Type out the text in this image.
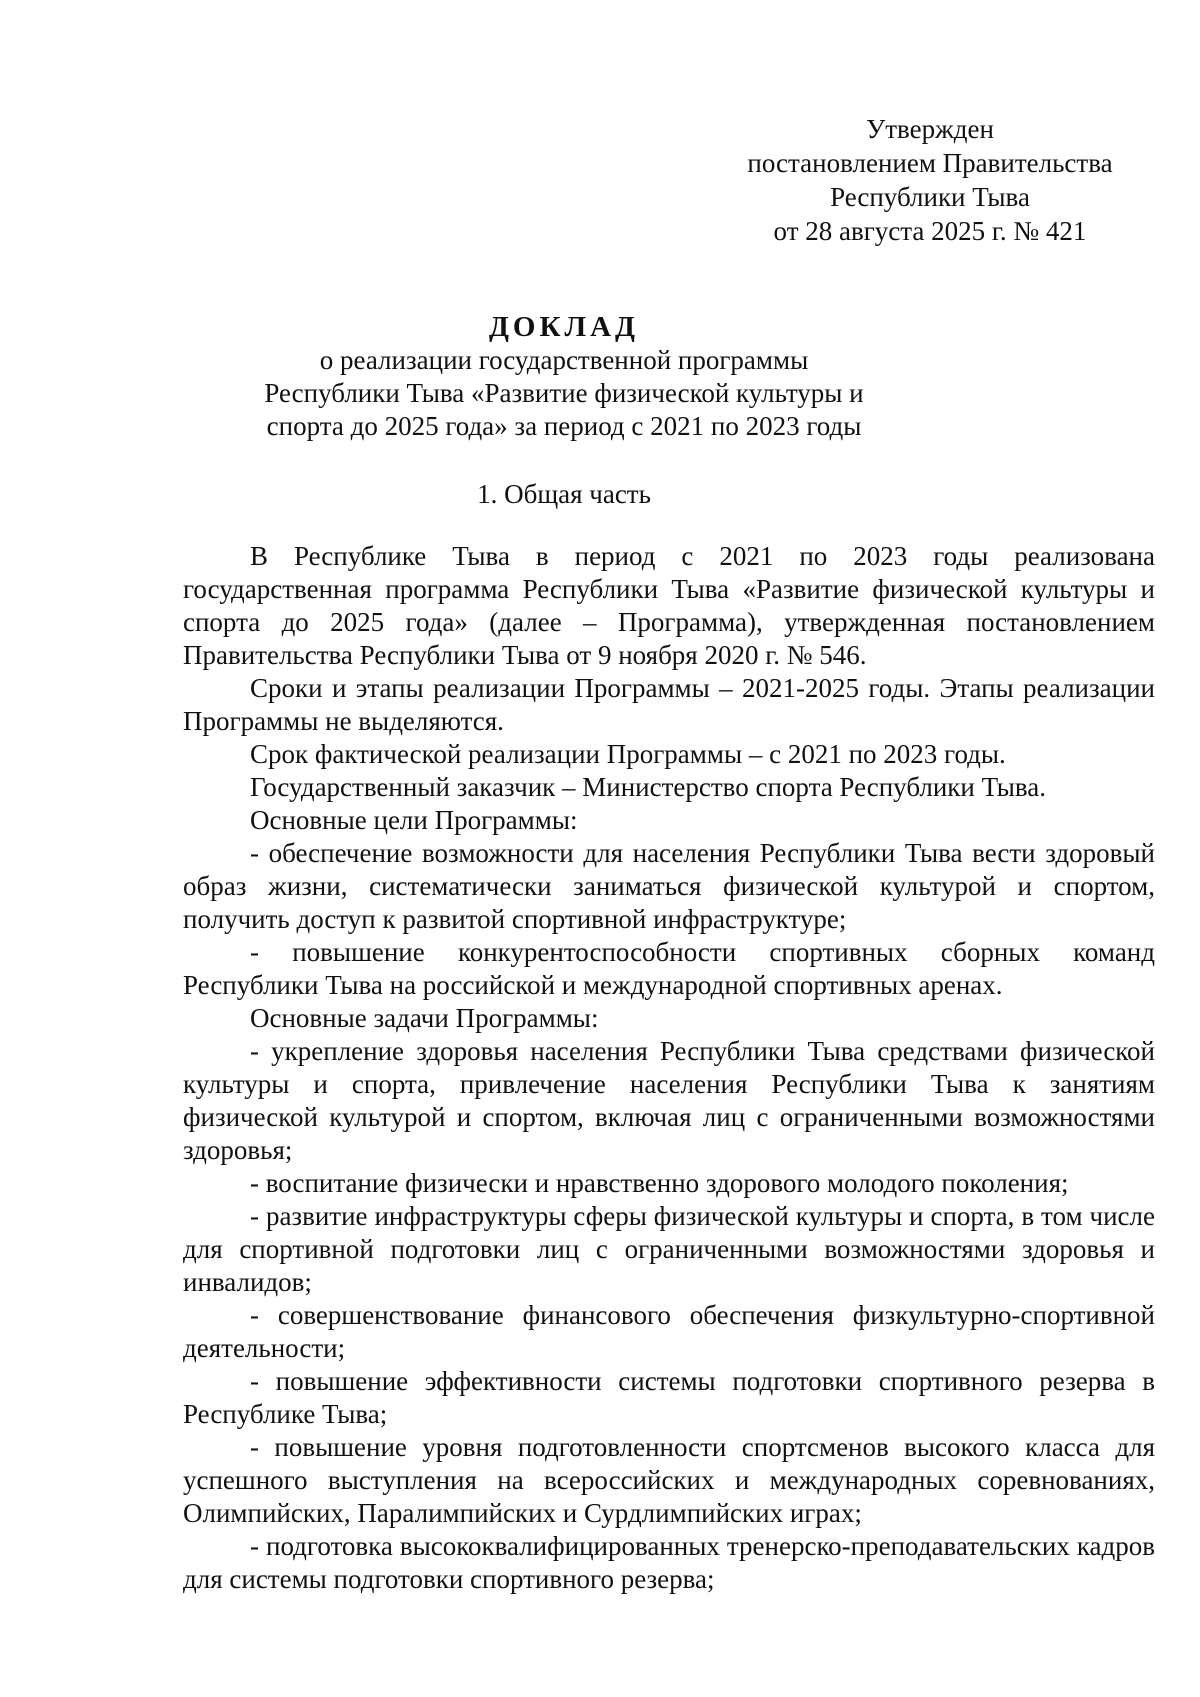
Утвержден
постановлением Правительства
Республики Тыва
от 28 августа 2025 г. № 421
ДОКЛАД
о реализации государственной программы
Республики Тыва «Развитие физической культуры и
спорта до 2025 года» за период с 2021 по 2023 годы
1. Общая часть

В Республике Тыва в период с 2021 по 2023 годы реализована государственная программа Республики Тыва «Развитие физической культуры и спорта до 2025 года» (далее – Программа), утвержденная постановлением Правительства Республики Тыва от 9 ноября 2020 г. № 546.

Сроки и этапы реализации Программы – 2021-2025 годы. Этапы реализации Программы не выделяются.

Срок фактической реализации Программы – с 2021 по 2023 годы.

Государственный заказчик – Министерство спорта Республики Тыва.

Основные цели Программы:

- обеспечение возможности для населения Республики Тыва вести здоровый образ жизни, систематически заниматься физической культурой и спортом, получить доступ к развитой спортивной инфраструктуре;

- повышение конкурентоспособности спортивных сборных команд Республики Тыва на российской и международной спортивных аренах.

Основные задачи Программы:

- укрепление здоровья населения Республики Тыва средствами физической культуры и спорта, привлечение населения Республики Тыва к занятиям физической культурой и спортом, включая лиц с ограниченными возможностями здоровья;

- воспитание физически и нравственно здорового молодого поколения;

- развитие инфраструктуры сферы физической культуры и спорта, в том числе для спортивной подготовки лиц с ограниченными возможностями здоровья и инвалидов;

- совершенствование финансового обеспечения физкультурно-спортивной деятельности;

- повышение эффективности системы подготовки спортивного резерва в Республике Тыва;

- повышение уровня подготовленности спортсменов высокого класса для успешного выступления на всероссийских и международных соревнованиях, Олимпийских, Паралимпийских и Сурдлимпийских играх;

- подготовка высококвалифицированных тренерско-преподавательских кадров для системы подготовки спортивного резерва;
